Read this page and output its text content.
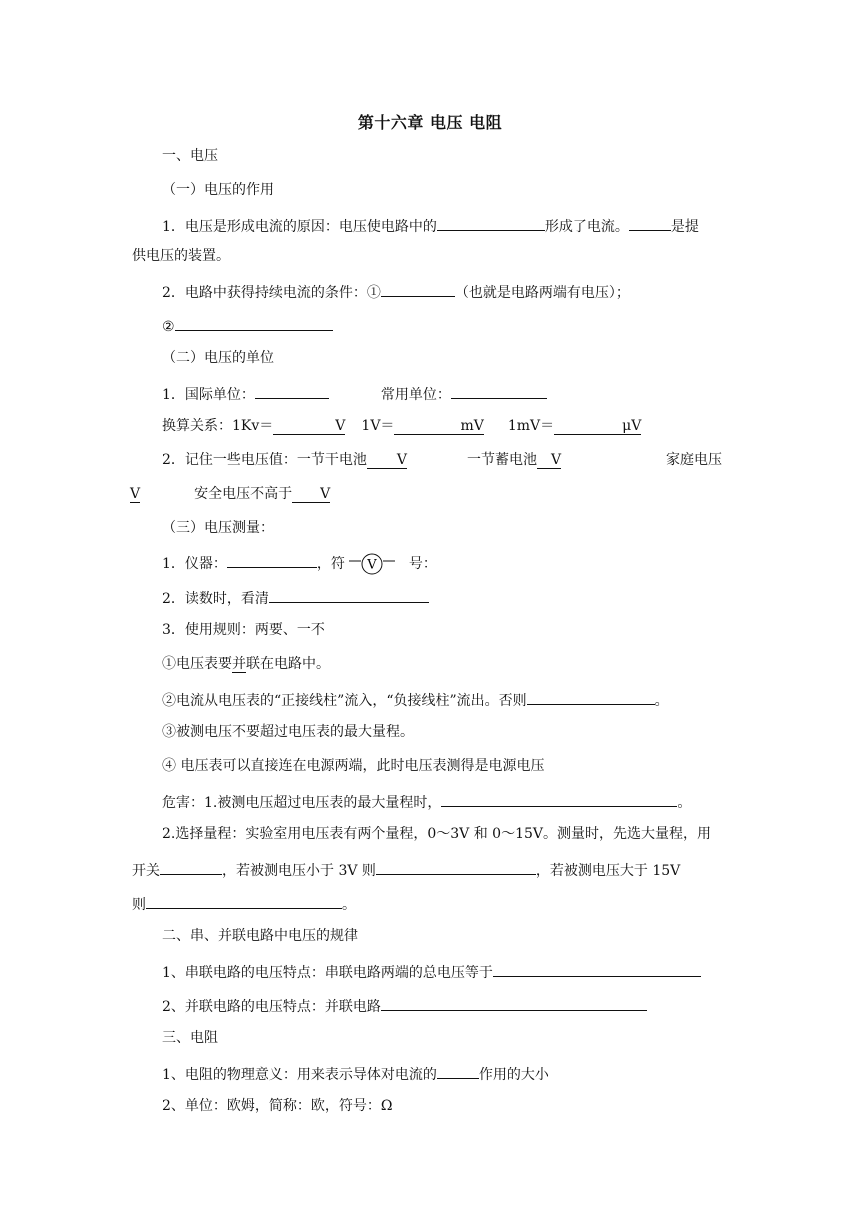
第十六章 电压 电阻
一、电压
（一）电压的作用
1．电压是形成电流的原因：电压使电路中的	形成了电流。	是提
供电压的装置。
2．电路中获得持续电流的条件：①	（也就是电路两端有电压）；
②
（二）电压的单位
1．国际单位：	常用单位：
换算关系：1Kv＝	V 1V＝	mV 1mV＝	μV
2．记住一些电压值：一节干电池 V	一节蓄电池 V	家庭电压
V	安全电压不高于 V
（三）电压测量：
1．仪器：	，符 V 号：
2．读数时，看清
3．使用规则：两要、一不
①电压表要并联在电路中。
②电流从电压表的“正接线柱”流入，“负接线柱”流出。否则	。
③被测电压不要超过电压表的最大量程。
④ 电压表可以直接连在电源两端，此时电压表测得是电源电压
危害：1.被测电压超过电压表的最大量程时，	。
2.选择量程：实验室用电压表有两个量程，0～3V 和 0～15V。测量时，先选大量程，用
开关	，若被测电压小于 3V 则	，若被测电压大于 15V
则	。
二、串、并联电路中电压的规律
1、串联电路的电压特点：串联电路两端的总电压等于
2、并联电路的电压特点：并联电路
三、电阻
1、电阻的物理意义：用来表示导体对电流的	作用的大小
2、单位：欧姆，简称：欧，符号：Ω
